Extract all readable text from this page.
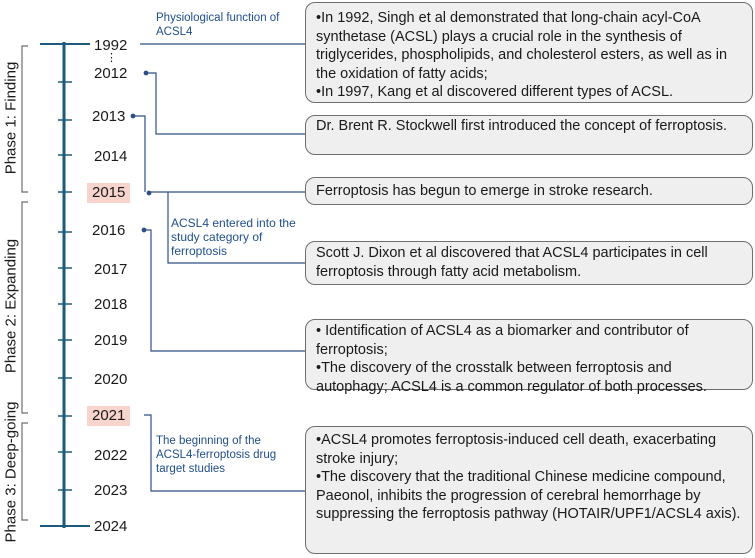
Phase 1: Finding
Phase 2: Expanding
Phase 3: Deep-going
1992
⋮
2012
2013
2014
2015
2016
2017
2018
2019
2020
2021
2022
2023
2024
Physiological function of ACSL4
ACSL4 entered into the study category of ferroptosis
The beginning of the ACSL4-ferroptosis drug target studies

•In 1992, Singh et al demonstrated that long-chain acyl-CoA synthetase (ACSL) plays a crucial role in the synthesis of triglycerides, phospholipids, and cholesterol esters, as well as in the oxidation of fatty acids;

•In 1997, Kang et al discovered different types of ACSL.

Dr. Brent R. Stockwell first introduced the concept of ferroptosis.

Ferroptosis has begun to emerge in stroke research.

Scott J. Dixon et al discovered that ACSL4 participates in cell ferroptosis through fatty acid metabolism.

• Identification of ACSL4 as a biomarker and contributor of ferroptosis;

•The discovery of the crosstalk between ferroptosis and autophagy; ACSL4 is a common regulator of both processes.

•ACSL4 promotes ferroptosis-induced cell death, exacerbating stroke injury;

•The discovery that the traditional Chinese medicine compound, Paeonol, inhibits the progression of cerebral hemorrhage by suppressing the ferroptosis pathway (HOTAIR/UPF1/ACSL4 axis).
